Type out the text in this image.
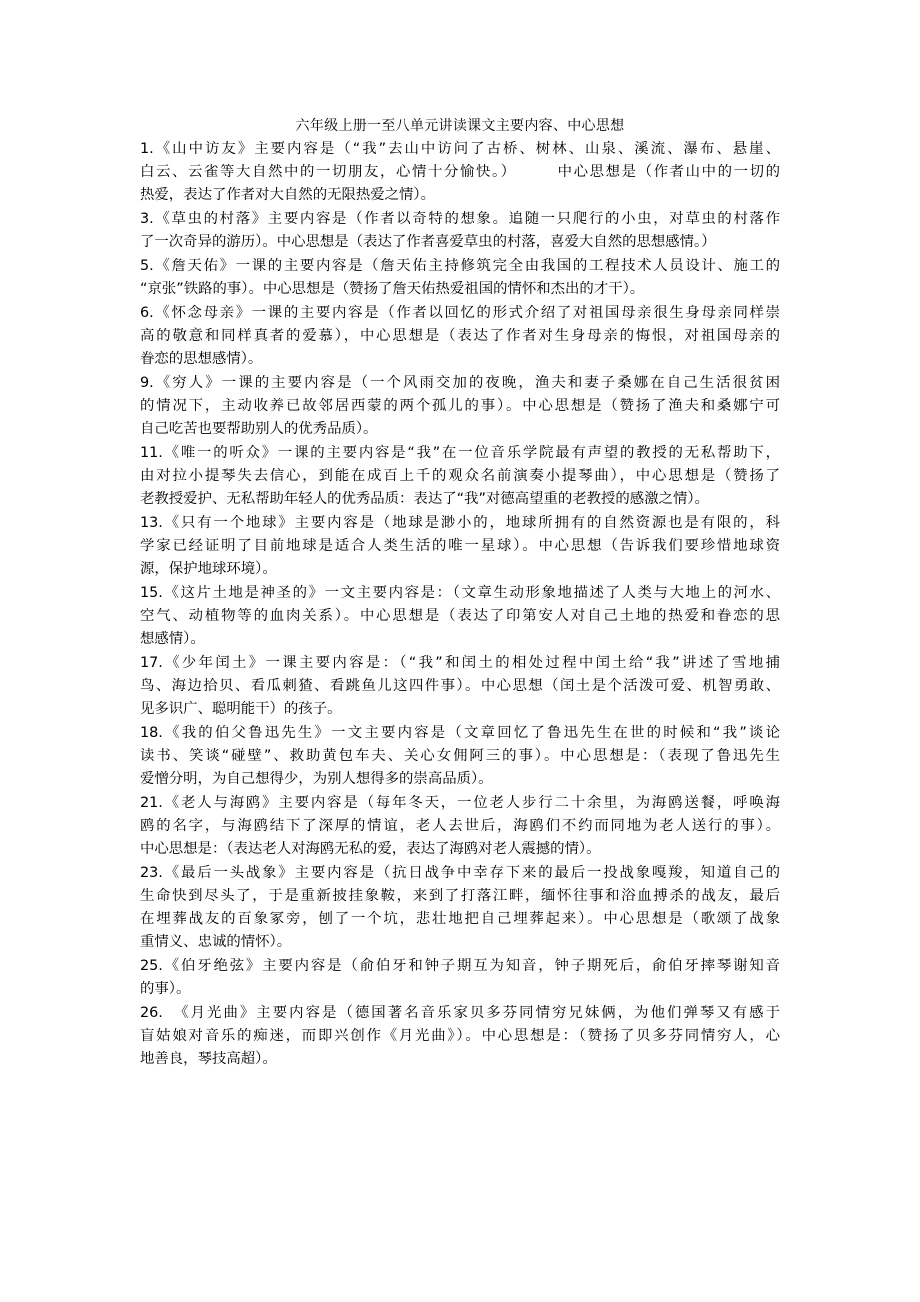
六年级上册一至八单元讲读课文主要内容、中心思想
1.《山中访友》主要内容是（“我”去山中访问了古桥、树林、山泉、溪流、瀑布、悬崖、
白云、云雀等大自然中的一切朋友，心情十分愉快。）　　　中心思想是（作者山中的一切的
热爱，表达了作者对大自然的无限热爱之情）。
3.《草虫的村落》主要内容是（作者以奇特的想象。追随一只爬行的小虫，对草虫的村落作
了一次奇异的游历）。中心思想是（表达了作者喜爱草虫的村落，喜爱大自然的思想感情。）
5.《詹天佑》一课的主要内容是（詹天佑主持修筑完全由我国的工程技术人员设计、施工的
“京张”铁路的事）。中心思想是（赞扬了詹天佑热爱祖国的情怀和杰出的才干）。
6.《怀念母亲》一课的主要内容是（作者以回忆的形式介绍了对祖国母亲很生身母亲同样崇
高的敬意和同样真者的爱慕），中心思想是（表达了作者对生身母亲的悔恨，对祖国母亲的
眷恋的思想感情）。
9.《穷人》一课的主要内容是（一个风雨交加的夜晚，渔夫和妻子桑娜在自己生活很贫困
的情况下，主动收养已故邻居西蒙的两个孤儿的事）。中心思想是（赞扬了渔夫和桑娜宁可
自己吃苦也要帮助别人的优秀品质）。
11.《唯一的听众》一课的主要内容是“我”在一位音乐学院最有声望的教授的无私帮助下，
由对拉小提琴失去信心，到能在成百上千的观众名前演奏小提琴曲），中心思想是（赞扬了
老教授爱护、无私帮助年轻人的优秀品质：表达了“我”对德高望重的老教授的感激之情）。
13.《只有一个地球》主要内容是（地球是渺小的，地球所拥有的自然资源也是有限的，科
学家已经证明了目前地球是适合人类生活的唯一星球）。中心思想（告诉我们要珍惜地球资
源，保护地球环境）。
15.《这片土地是神圣的》一文主要内容是：（文章生动形象地描述了人类与大地上的河水、
空气、动植物等的血肉关系）。中心思想是（表达了印第安人对自己土地的热爱和眷恋的思
想感情）。
17.《少年闰土》一课主要内容是：（“我”和闰土的相处过程中闰土给“我”讲述了雪地捕
鸟、海边拾贝、看瓜刺猹、看跳鱼儿这四件事）。中心思想（闰土是个活泼可爱、机智勇敢、
见多识广、聪明能干）的孩子。
18.《我的伯父鲁迅先生》一文主要内容是（文章回忆了鲁迅先生在世的时候和“我”谈论
读书、笑谈“碰壁”、救助黄包车夫、关心女佣阿三的事）。中心思想是：（表现了鲁迅先生
爱憎分明，为自己想得少，为别人想得多的崇高品质）。
21.《老人与海鸥》主要内容是（每年冬天，一位老人步行二十余里，为海鸥送餐，呼唤海
鸥的名字，与海鸥结下了深厚的情谊，老人去世后，海鸥们不约而同地为老人送行的事）。
中心思想是：（表达老人对海鸥无私的爱，表达了海鸥对老人震撼的情）。
23.《最后一头战象》主要内容是（抗日战争中幸存下来的最后一投战象嘎羧，知道自己的
生命快到尽头了，于是重新披挂象鞍，来到了打落江畔，缅怀往事和浴血搏杀的战友，最后
在埋葬战友的百象冢旁，刨了一个坑，悲壮地把自己埋葬起来）。中心思想是（歌颂了战象
重情义、忠诚的情怀）。
25.《伯牙绝弦》主要内容是（俞伯牙和钟子期互为知音，钟子期死后，俞伯牙摔琴谢知音
的事）。
26.　《月光曲》主要内容是（德国著名音乐家贝多芬同情穷兄妹俩，为他们弹琴又有感于
盲姑娘对音乐的痴迷，而即兴创作《月光曲》）。中心思想是：（赞扬了贝多芬同情穷人，心
地善良，琴技高超）。
